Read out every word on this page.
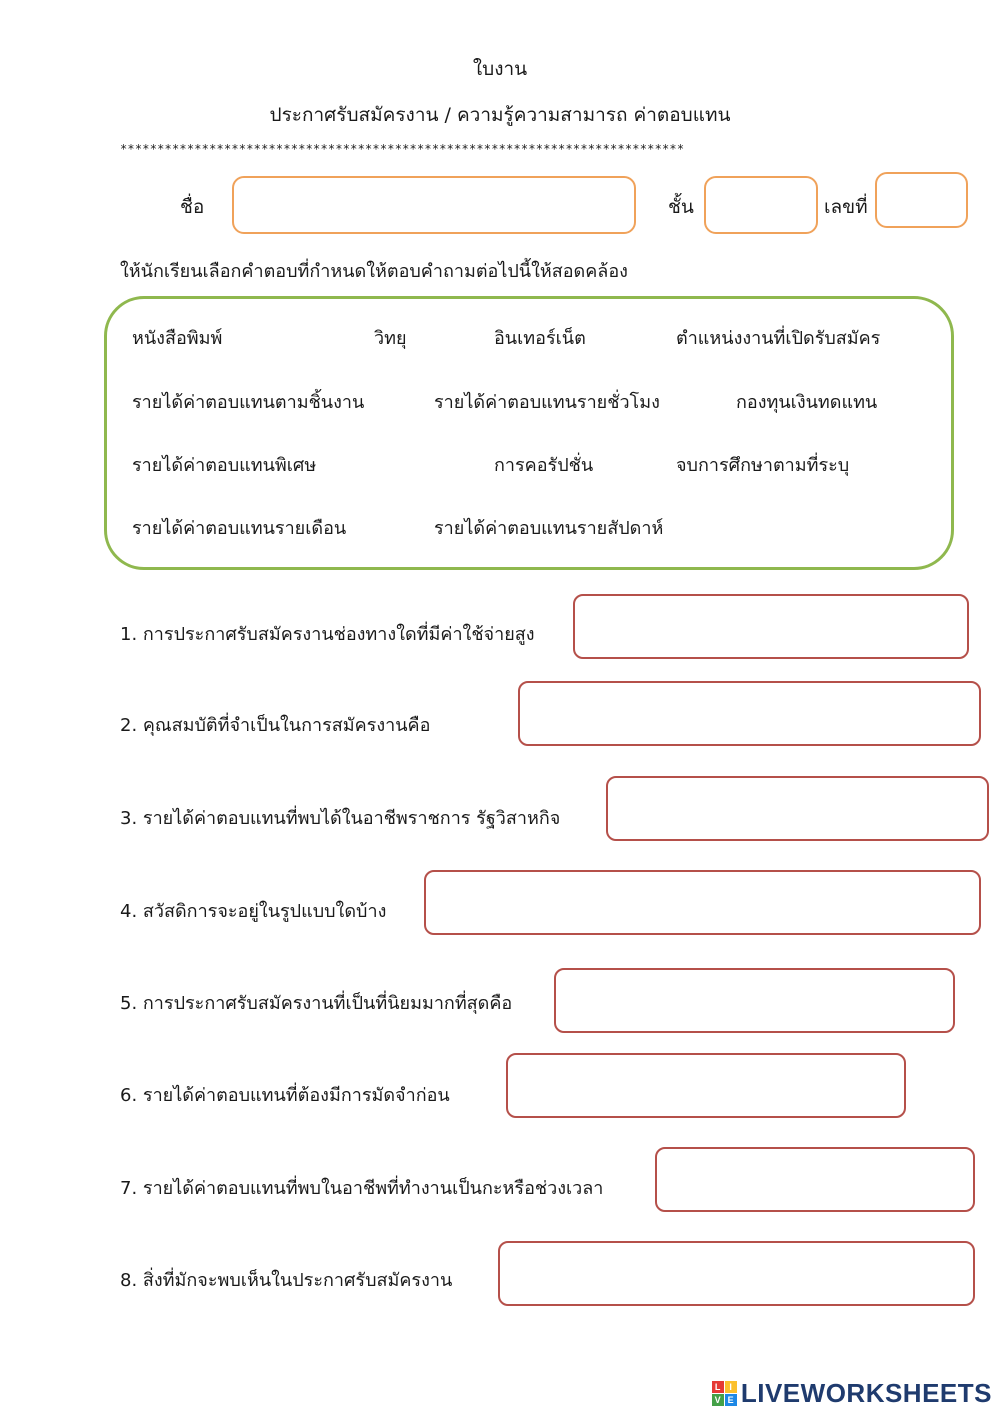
ใบงาน
ประกาศรับสมัครงาน / ความรู้ความสามารถ ค่าตอบแทน
****************************************************************************
ชื่อ	ชั้น	เลขที่
ให้นักเรียนเลือกคำตอบที่กำหนดให้ตอบคำถามต่อไปนี้ให้สอดคล้อง
หนังสือพิมพ์	วิทยุ	อินเทอร์เน็ต	ตำแหน่งงานที่เปิดรับสมัคร
รายได้ค่าตอบแทนตามชิ้นงาน	รายได้ค่าตอบแทนรายชั่วโมง	กองทุนเงินทดแทน
รายได้ค่าตอบแทนพิเศษ	การคอรัปชั่น	จบการศึกษาตามที่ระบุ
รายได้ค่าตอบแทนรายเดือน	รายได้ค่าตอบแทนรายสัปดาห์
1. การประกาศรับสมัครงานช่องทางใดที่มีค่าใช้จ่ายสูง
2. คุณสมบัติที่จำเป็นในการสมัครงานคือ
3. รายได้ค่าตอบแทนที่พบได้ในอาชีพราชการ รัฐวิสาหกิจ
4. สวัสดิการจะอยู่ในรูปแบบใดบ้าง
5. การประกาศรับสมัครงานที่เป็นที่นิยมมากที่สุดคือ
6. รายได้ค่าตอบแทนที่ต้องมีการมัดจำก่อน
7. รายได้ค่าตอบแทนที่พบในอาชีพที่ทำงานเป็นกะหรือช่วงเวลา
8. สิ่งที่มักจะพบเห็นในประกาศรับสมัครงาน
L I
V E LIVEWORKSHEETS
